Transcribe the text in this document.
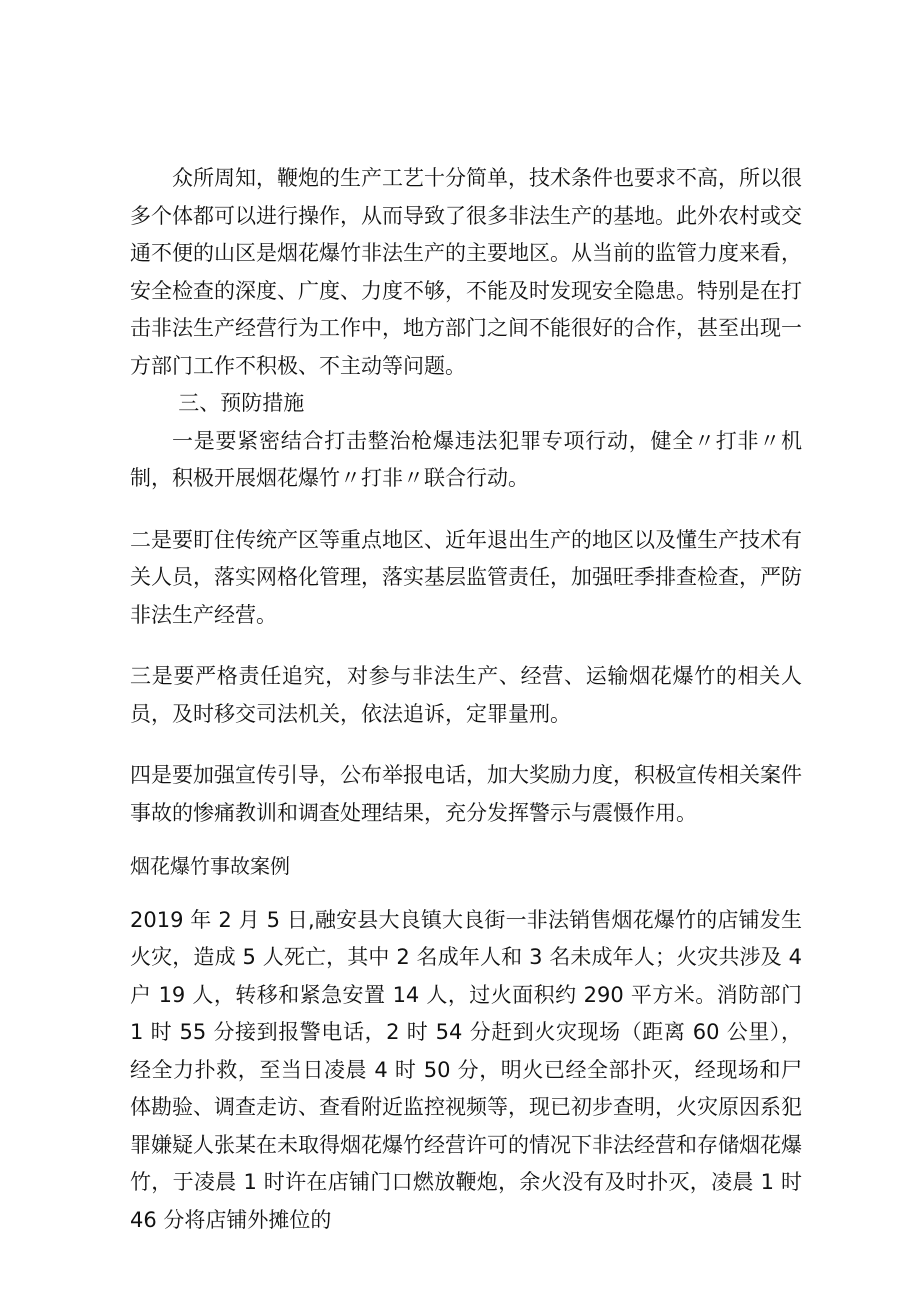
众所周知，鞭炮的生产工艺十分简单，技术条件也要求不高，所以很多个体都可以进行操作，从而导致了很多非法生产的基地。此外农村或交通不便的山区是烟花爆竹非法生产的主要地区。从当前的监管力度来看，安全检查的深度、广度、力度不够，不能及时发现安全隐患。特别是在打击非法生产经营行为工作中，地方部门之间不能很好的合作，甚至出现一方部门工作不积极、不主动等问题。

三、预防措施

一是要紧密结合打击整治枪爆违法犯罪专项行动，健全〃打非〃机制，积极开展烟花爆竹〃打非〃联合行动。

二是要盯住传统产区等重点地区、近年退出生产的地区以及懂生产技术有关人员，落实网格化管理，落实基层监管责任，加强旺季排查检查，严防非法生产经营。

三是要严格责任追究，对参与非法生产、经营、运输烟花爆竹的相关人员，及时移交司法机关，依法追诉，定罪量刑。

四是要加强宣传引导，公布举报电话，加大奖励力度，积极宣传相关案件事故的惨痛教训和调查处理结果，充分发挥警示与震慑作用。

烟花爆竹事故案例

2019 年 2 月 5 日,融安县大良镇大良街一非法销售烟花爆竹的店铺发生火灾，造成 5 人死亡，其中 2 名成年人和 3 名未成年人；火灾共涉及 4 户 19 人，转移和紧急安置 14 人，过火面积约 290 平方米。消防部门 1 时 55 分接到报警电话，2 时 54 分赶到火灾现场（距离 60 公里），经全力扑救，至当日凌晨 4 时 50 分，明火已经全部扑灭，经现场和尸体勘验、调查走访、查看附近监控视频等，现已初步查明，火灾原因系犯罪嫌疑人张某在未取得烟花爆竹经营许可的情况下非法经营和存储烟花爆竹，于凌晨 1 时许在店铺门口燃放鞭炮，余火没有及时扑灭，凌晨 1 时 46 分将店铺外摊位的
